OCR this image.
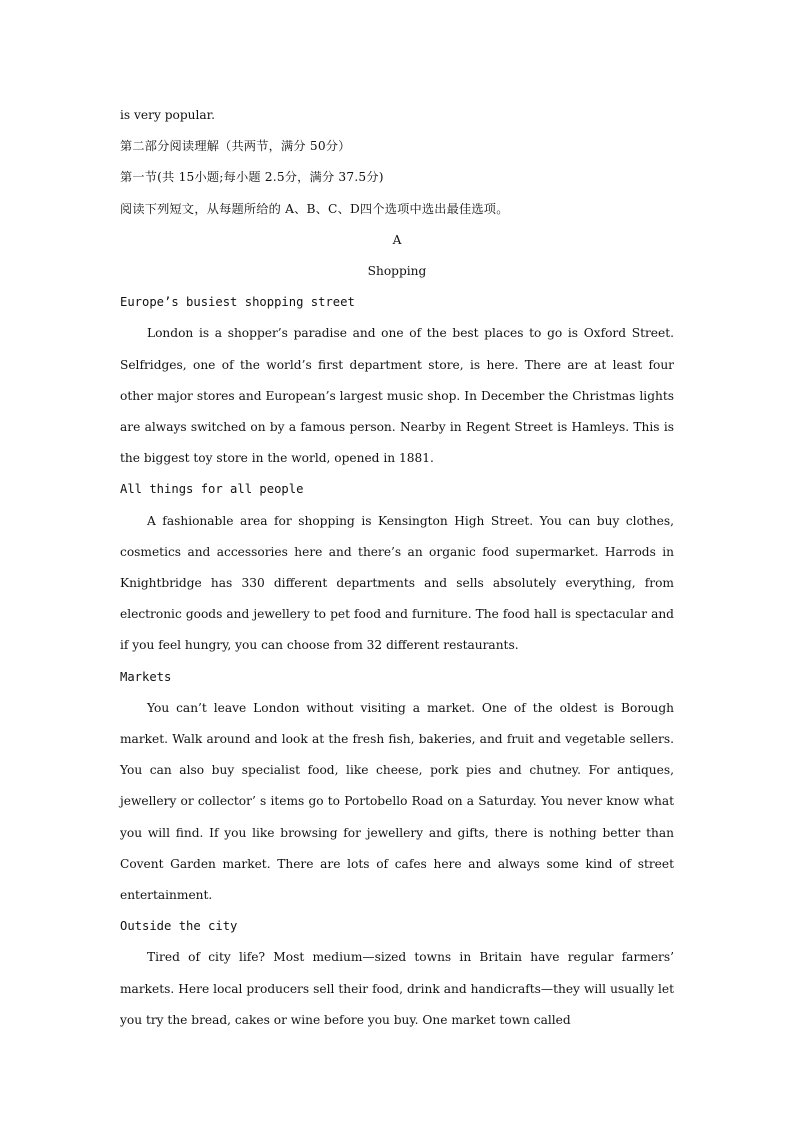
is very popular.
第二部分阅读理解（共两节，满分 50分）
第一节(共 15小题;每小题 2.5分，满分 37.5分)
阅读下列短文，从每题所给的 A、B、C、D四个选项中选出最佳选项。
A
Shopping
Europe’s busiest shopping street

London is a shopper’s paradise and one of the best places to go is Oxford Street. Selfridges, one of the world’s first department store, is here. There are at least four other major stores and European’s largest music shop. In December the Christmas lights are always switched on by a famous person. Nearby in Regent Street is Hamleys. This is the biggest toy store in the world, opened in 1881.

All things for all people

A fashionable area for shopping is Kensington High Street. You can buy clothes, cosmetics and accessories here and there’s an organic food supermarket. Harrods in Knightbridge has 330 different departments and sells absolutely everything, from electronic goods and jewellery to pet food and furniture. The food hall is spectacular and if you feel hungry, you can choose from 32 different restaurants.

Markets

You can’t leave London without visiting a market. One of the oldest is Borough market. Walk around and look at the fresh fish, bakeries, and fruit and vegetable sellers. You can also buy specialist food, like cheese, pork pies and chutney. For antiques, jewellery or collector’ s items go to Portobello Road on a Saturday. You never know what you will find. If you like browsing for jewellery and gifts, there is nothing better than Covent Garden market. There are lots of cafes here and always some kind of street entertainment.

Outside the city

Tired of city life? Most medium—sized towns in Britain have regular farmers’ markets. Here local producers sell their food, drink and handicrafts—they will usually let you try the bread, cakes or wine before you buy. One market town called
